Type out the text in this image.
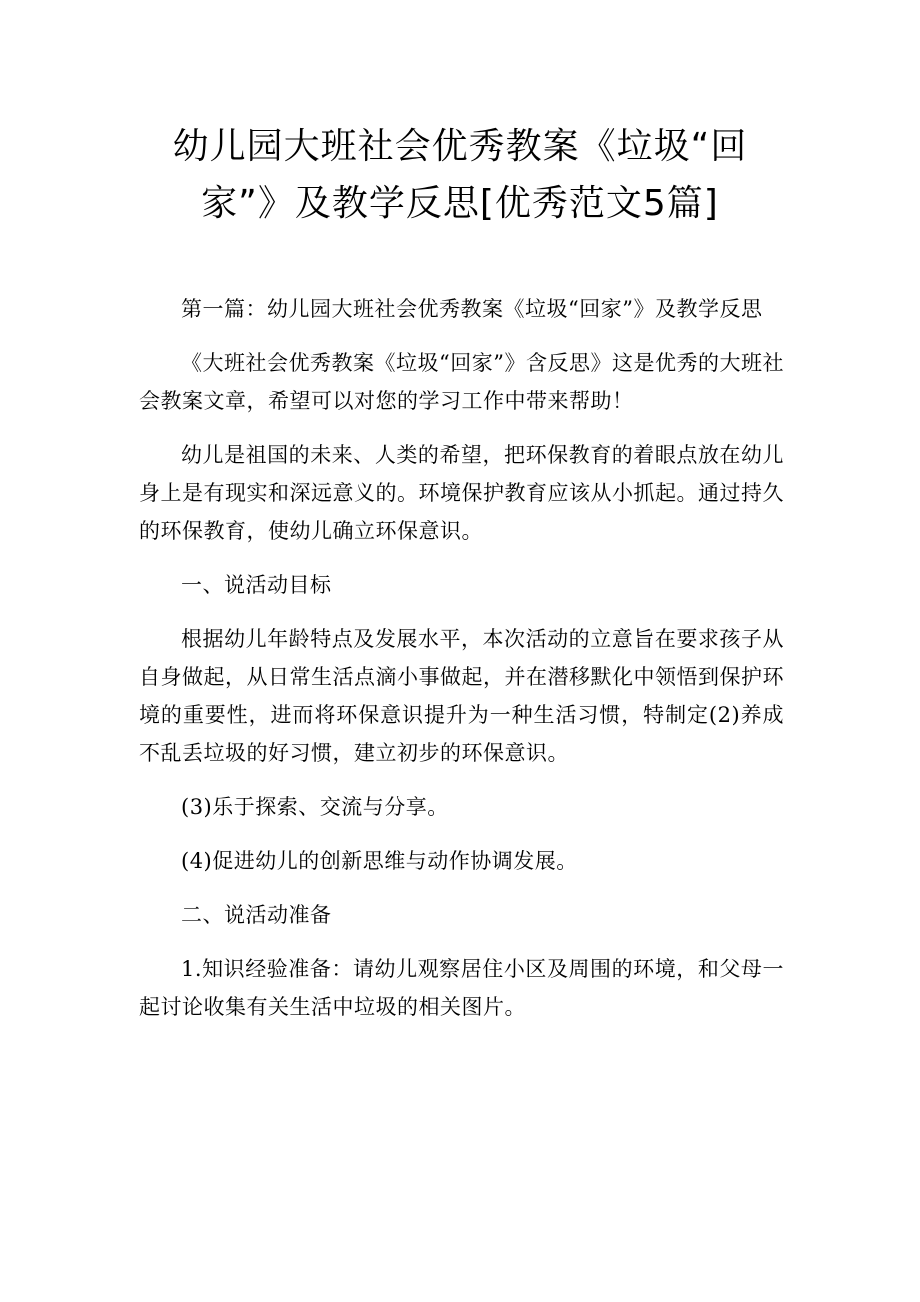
幼儿园大班社会优秀教案《垃圾“回
家”》及教学反思[优秀范文5篇]

第一篇：幼儿园大班社会优秀教案《垃圾“回家”》及教学反思

《大班社会优秀教案《垃圾“回家”》含反思》这是优秀的大班社会教案文章，希望可以对您的学习工作中带来帮助！

幼儿是祖国的未来、人类的希望，把环保教育的着眼点放在幼儿身上是有现实和深远意义的。环境保护教育应该从小抓起。通过持久的环保教育，使幼儿确立环保意识。

一、说活动目标

根据幼儿年龄特点及发展水平，本次活动的立意旨在要求孩子从自身做起，从日常生活点滴小事做起，并在潜移默化中领悟到保护环境的重要性，进而将环保意识提升为一种生活习惯，特制定(2)养成不乱丢垃圾的好习惯，建立初步的环保意识。

(3)乐于探索、交流与分享。

(4)促进幼儿的创新思维与动作协调发展。

二、说活动准备

1.知识经验准备：请幼儿观察居住小区及周围的环境，和父母一起讨论收集有关生活中垃圾的相关图片。
